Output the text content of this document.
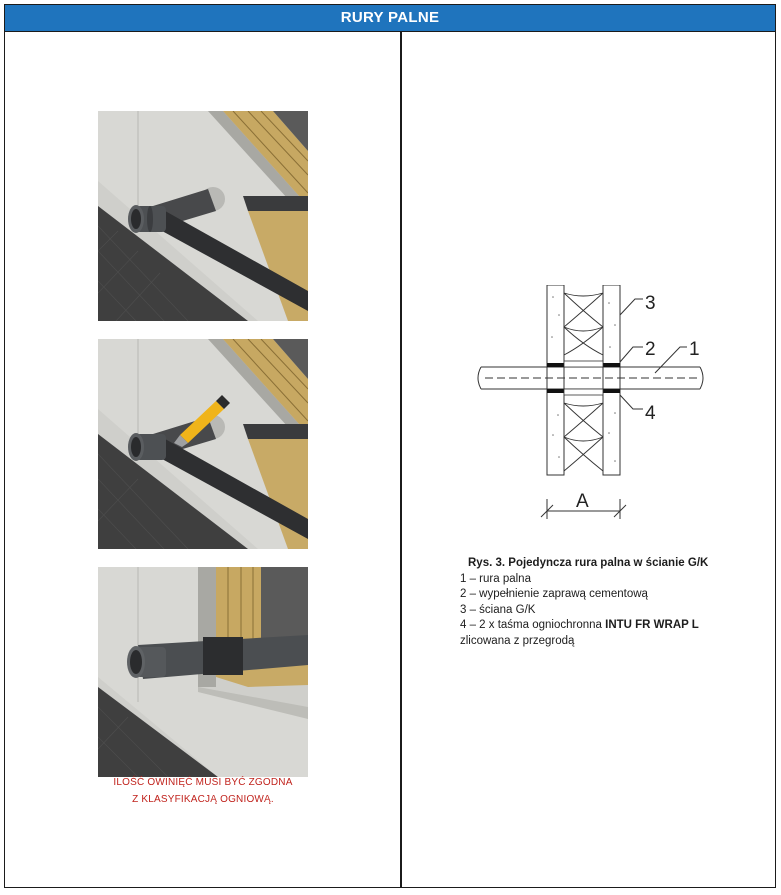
RURY PALNE
ILOŚĆ OWINIĘĆ MUSI BYĆ ZGODNA
Z KLASYFIKACJĄ OGNIOWĄ.
3
2 1
4
A
Rys. 3. Pojedyncza rura palna w ścianie G/K
1 – rura palna
2 – wypełnienie zaprawą cementową
3 – ściana G/K
4 – 2 x taśma ogniochronna INTU FR WRAP L
zlicowana z przegrodą
